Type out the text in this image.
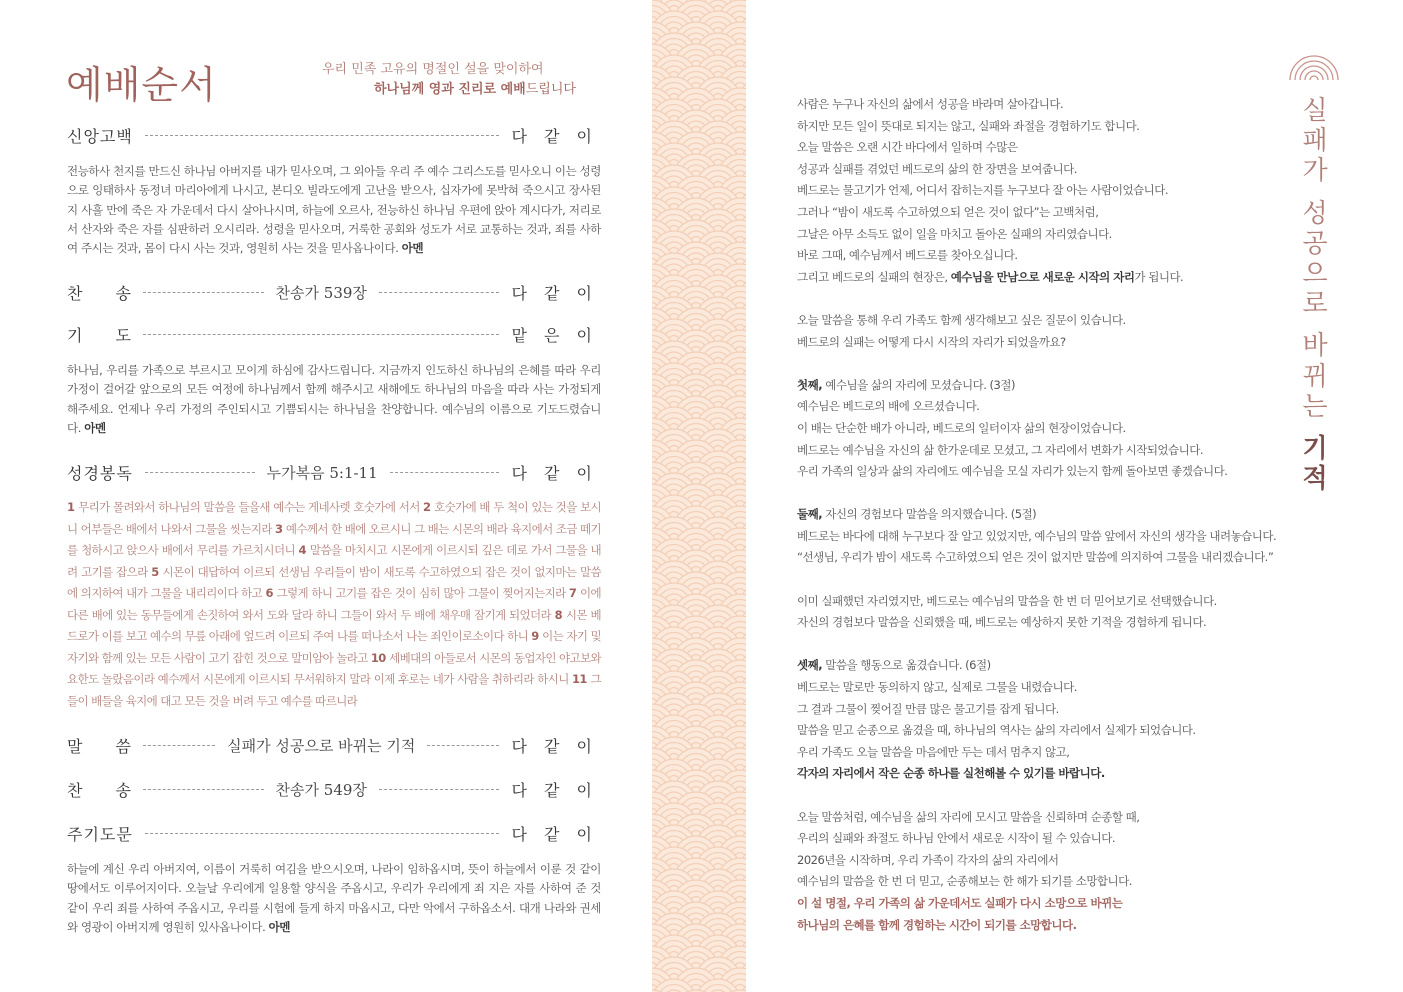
예배순서	우리 민족 고유의 명절인 설을 맞이하여
하나님께 영과 진리로 예배드립니다
신앙고백	다 같 이
전능하사 천지를 만드신 하나님 아버지를 내가 믿사오며, 그 외아들 우리 주 예수 그리스도를 믿사오니 이는 성령으로 잉태하사 동정녀 마리아에게 나시고, 본디오 빌라도에게 고난을 받으사, 십자가에 못박혀 죽으시고 장사된지 사흘 만에 죽은 자 가운데서 다시 살아나시며, 하늘에 오르사, 전능하신 하나님 우편에 앉아 계시다가, 저리로서 산자와 죽은 자를 심판하러 오시리라. 성령을 믿사오며, 거룩한 공회와 성도가 서로 교통하는 것과, 죄를 사하여 주시는 것과, 몸이 다시 사는 것과, 영원히 사는 것을 믿사옵나이다. 아멘
찬 송	찬송가 539장	다 같 이
기 도	맡 은 이
하나님, 우리를 가족으로 부르시고 모이게 하심에 감사드립니다. 지금까지 인도하신 하나님의 은혜를 따라 우리 가정이 걸어갈 앞으로의 모든 여정에 하나님께서 함께 해주시고 새해에도 하나님의 마음을 따라 사는 가정되게 해주세요. 언제나 우리 가정의 주인되시고 기쁨되시는 하나님을 찬양합니다. 예수님의 이름으로 기도드렸습니다. 아멘
성경봉독	누가복음 5:1-11	다 같 이
1 무리가 몰려와서 하나님의 말씀을 들을새 예수는 게네사렛 호숫가에 서서 2 호숫가에 배 두 척이 있는 것을 보시니 어부들은 배에서 나와서 그물을 씻는지라 3 예수께서 한 배에 오르시니 그 배는 시몬의 배라 육지에서 조금 떼기를 청하시고 앉으사 배에서 무리를 가르치시더니 4 말씀을 마치시고 시몬에게 이르시되 깊은 데로 가서 그물을 내려 고기를 잡으라 5 시몬이 대답하여 이르되 선생님 우리들이 밤이 새도록 수고하였으되 잡은 것이 없지마는 말씀에 의지하여 내가 그물을 내리리이다 하고 6 그렇게 하니 고기를 잡은 것이 심히 많아 그물이 찢어지는지라 7 이에 다른 배에 있는 동무들에게 손짓하여 와서 도와 달라 하니 그들이 와서 두 배에 채우매 잠기게 되었더라 8 시몬 베드로가 이를 보고 예수의 무릎 아래에 엎드려 이르되 주여 나를 떠나소서 나는 죄인이로소이다 하니 9 이는 자기 및 자기와 함께 있는 모든 사람이 고기 잡힌 것으로 말미암아 놀라고 10 세베대의 아들로서 시몬의 동업자인 야고보와 요한도 놀랐음이라 예수께서 시몬에게 이르시되 무서워하지 말라 이제 후로는 네가 사람을 취하리라 하시니 11 그들이 배들을 육지에 대고 모든 것을 버려 두고 예수를 따르니라
말 씀	실패가 성공으로 바뀌는 기적	다 같 이
찬 송	찬송가 549장	다 같 이
주기도문	다 같 이
하늘에 계신 우리 아버지여, 이름이 거룩히 여김을 받으시오며, 나라이 임하옵시며, 뜻이 하늘에서 이룬 것 같이 땅에서도 이루어지이다. 오늘날 우리에게 일용할 양식을 주옵시고, 우리가 우리에게 죄 지은 자를 사하여 준 것 같이 우리 죄를 사하여 주옵시고, 우리를 시험에 들게 하지 마옵시고, 다만 악에서 구하옵소서. 대개 나라와 권세와 영광이 아버지께 영원히 있사옵나이다. 아멘

사람은 누구나 자신의 삶에서 성공을 바라며 살아갑니다.
하지만 모든 일이 뜻대로 되지는 않고, 실패와 좌절을 경험하기도 합니다.
오늘 말씀은 오랜 시간 바다에서 일하며 수많은
성공과 실패를 겪었던 베드로의 삶의 한 장면을 보여줍니다.
베드로는 물고기가 언제, 어디서 잡히는지를 누구보다 잘 아는 사람이었습니다.
그러나 “밤이 새도록 수고하였으되 얻은 것이 없다”는 고백처럼,
그날은 아무 소득도 없이 일을 마치고 돌아온 실패의 자리였습니다.
바로 그때, 예수님께서 베드로를 찾아오십니다.
그리고 베드로의 실패의 현장은, 예수님을 만남으로 새로운 시작의 자리가 됩니다.

오늘 말씀을 통해 우리 가족도 함께 생각해보고 싶은 질문이 있습니다.
베드로의 실패는 어떻게 다시 시작의 자리가 되었을까요?

첫째, 예수님을 삶의 자리에 모셨습니다. (3절)
예수님은 베드로의 배에 오르셨습니다.
이 배는 단순한 배가 아니라, 베드로의 일터이자 삶의 현장이었습니다.
베드로는 예수님을 자신의 삶 한가운데로 모셨고, 그 자리에서 변화가 시작되었습니다.
우리 가족의 일상과 삶의 자리에도 예수님을 모실 자리가 있는지 함께 돌아보면 좋겠습니다.

둘째, 자신의 경험보다 말씀을 의지했습니다. (5절)
베드로는 바다에 대해 누구보다 잘 알고 있었지만, 예수님의 말씀 앞에서 자신의 생각을 내려놓습니다.
“선생님, 우리가 밤이 새도록 수고하였으되 얻은 것이 없지만 말씀에 의지하여 그물을 내리겠습니다.”

이미 실패했던 자리였지만, 베드로는 예수님의 말씀을 한 번 더 믿어보기로 선택했습니다.
자신의 경험보다 말씀을 신뢰했을 때, 베드로는 예상하지 못한 기적을 경험하게 됩니다.

셋째, 말씀을 행동으로 옮겼습니다. (6절)
베드로는 말로만 동의하지 않고, 실제로 그물을 내렸습니다.
그 결과 그물이 찢어질 만큼 많은 물고기를 잡게 됩니다.
말씀을 믿고 순종으로 옮겼을 때, 하나님의 역사는 삶의 자리에서 실제가 되었습니다.
우리 가족도 오늘 말씀을 마음에만 두는 데서 멈추지 않고,
각자의 자리에서 작은 순종 하나를 실천해볼 수 있기를 바랍니다.

오늘 말씀처럼, 예수님을 삶의 자리에 모시고 말씀을 신뢰하며 순종할 때,
우리의 실패와 좌절도 하나님 안에서 새로운 시작이 될 수 있습니다.
2026년을 시작하며, 우리 가족이 각자의 삶의 자리에서
예수님의 말씀을 한 번 더 믿고, 순종해보는 한 해가 되기를 소망합니다.
이 설 명절, 우리 가족의 삶 가운데서도 실패가 다시 소망으로 바뀌는
하나님의 은혜를 함께 경험하는 시간이 되기를 소망합니다.

실
패
가
성
공
으
로
바
뀌
는
기
적
